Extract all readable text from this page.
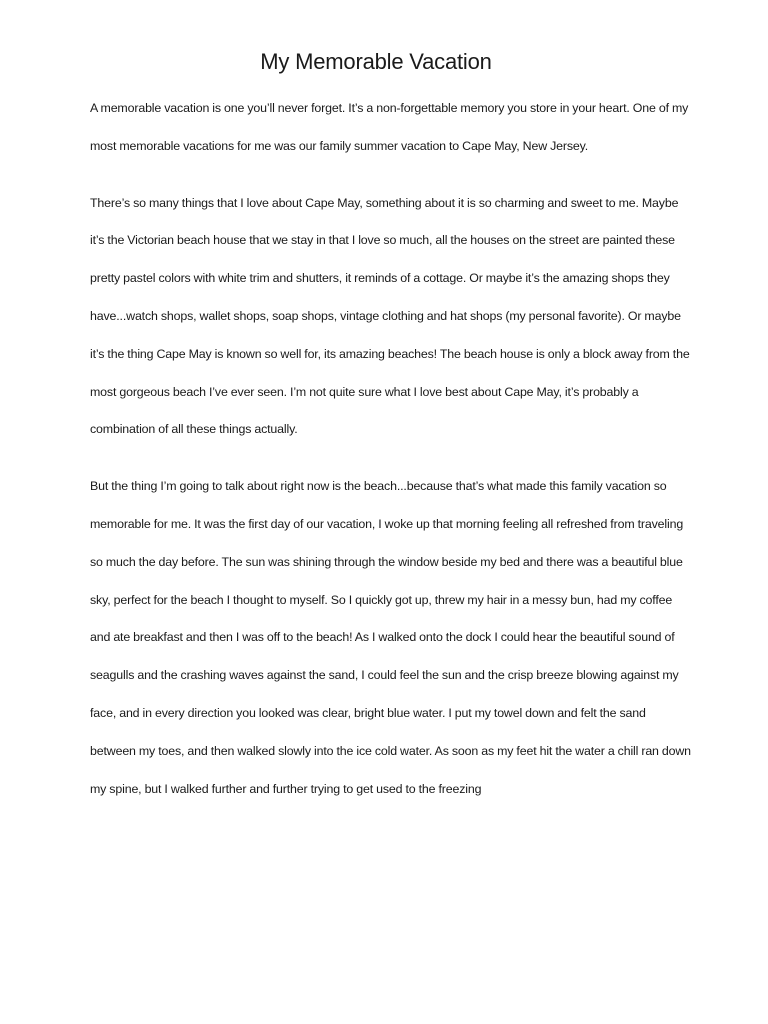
My Memorable Vacation

A memorable vacation is one you’ll never forget. It’s a non-forgettable memory you store in your heart. One of my most memorable vacations for me was our family summer vacation to Cape May, New Jersey.

There’s so many things that I love about Cape May, something about it is so charming and sweet to me. Maybe it’s the Victorian beach house that we stay in that I love so much, all the houses on the street are painted these pretty pastel colors with white trim and shutters, it reminds of a cottage. Or maybe it’s the amazing shops they have...watch shops, wallet shops, soap shops, vintage clothing and hat shops (my personal favorite). Or maybe it’s the thing Cape May is known so well for, its amazing beaches! The beach house is only a block away from the most gorgeous beach I’ve ever seen. I’m not quite sure what I love best about Cape May, it’s probably a combination of all these things actually.

But the thing I’m going to talk about right now is the beach...because that’s what made this family vacation so memorable for me. It was the first day of our vacation, I woke up that morning feeling all refreshed from traveling so much the day before. The sun was shining through the window beside my bed and there was a beautiful blue sky, perfect for the beach I thought to myself. So I quickly got up, threw my hair in a messy bun, had my coffee and ate breakfast and then I was off to the beach! As I walked onto the dock I could hear the beautiful sound of seagulls and the crashing waves against the sand, I could feel the sun and the crisp breeze blowing against my face, and in every direction you looked was clear, bright blue water. I put my towel down and felt the sand between my toes, and then walked slowly into the ice cold water. As soon as my feet hit the water a chill ran down my spine, but I walked further and further trying to get used to the freezing
